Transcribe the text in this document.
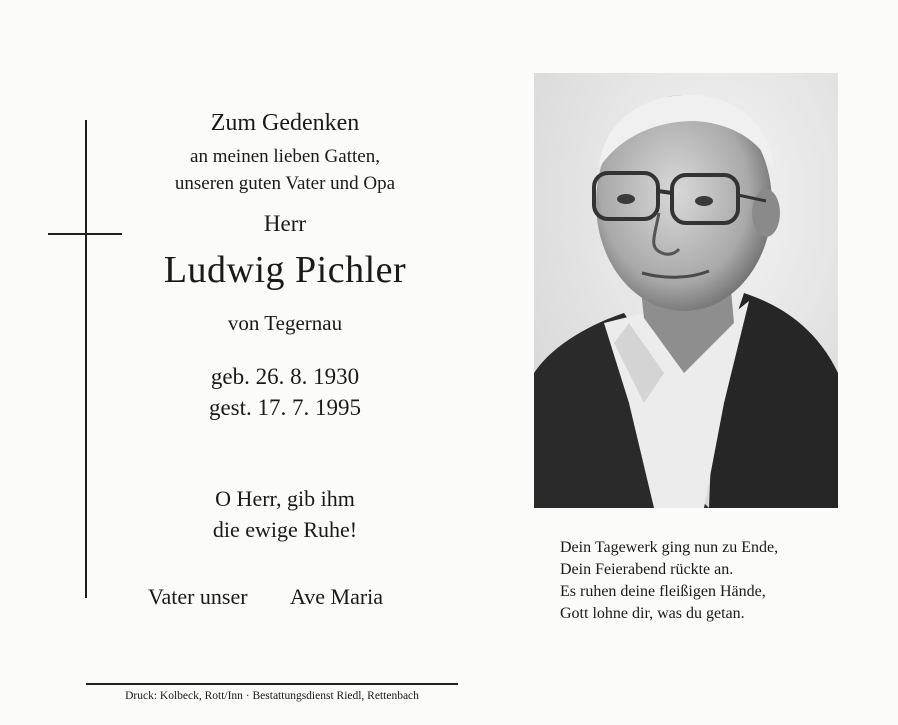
Zum Gedenken
an meinen lieben Gatten,
unseren guten Vater und Opa
Herr
Ludwig Pichler
von Tegernau
geb. 26. 8. 1930
gest. 17. 7. 1995
O Herr, gib ihm
die ewige Ruhe!
Vater unser Ave Maria
Druck: Kolbeck, Rott/Inn · Bestattungsdienst Riedl, Rettenbach
Dein Tagewerk ging nun zu Ende,
Dein Feierabend rückte an.
Es ruhen deine fleißigen Hände,
Gott lohne dir, was du getan.
